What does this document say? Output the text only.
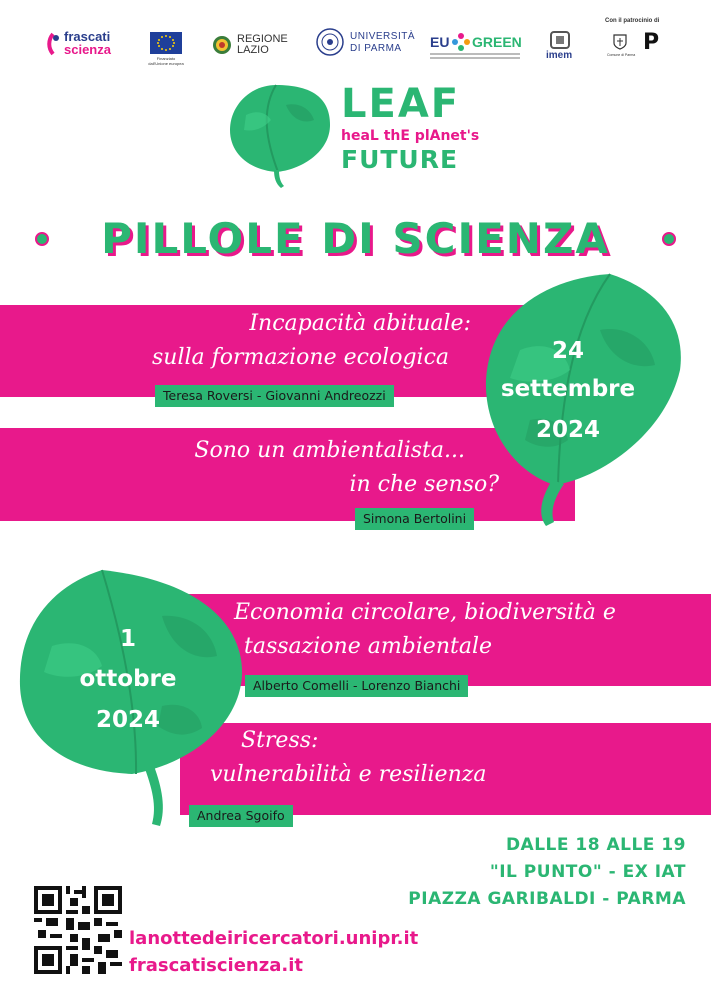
frascati
scienza
Finanziato
dall'Unione europea
REGIONE
LAZIO
UNIVERSITÀ
DI PARMA EU GREEN
imem
Con il patrocinio di
Comune di Parma P
LEAF
heaL thE plAnet's
FUTURE
PILLOLE DI SCIENZA
Incapacità abituale:
sulla formazione ecologica
Teresa Roversi - Giovanni Andreozzi
Sono un ambientalista...
in che senso?
Simona Bertolini
24
settembre
2024
Economia circolare, biodiversità e
tassazione ambientale
Alberto Comelli - Lorenzo Bianchi
Stress:
vulnerabilità e resilienza
Andrea Sgoifo
1
ottobre
2024
DALLE 18 ALLE 19
"IL PUNTO" - EX IAT
PIAZZA GARIBALDI - PARMA
lanottedeiricercatori.unipr.it
frascatiscienza.it
